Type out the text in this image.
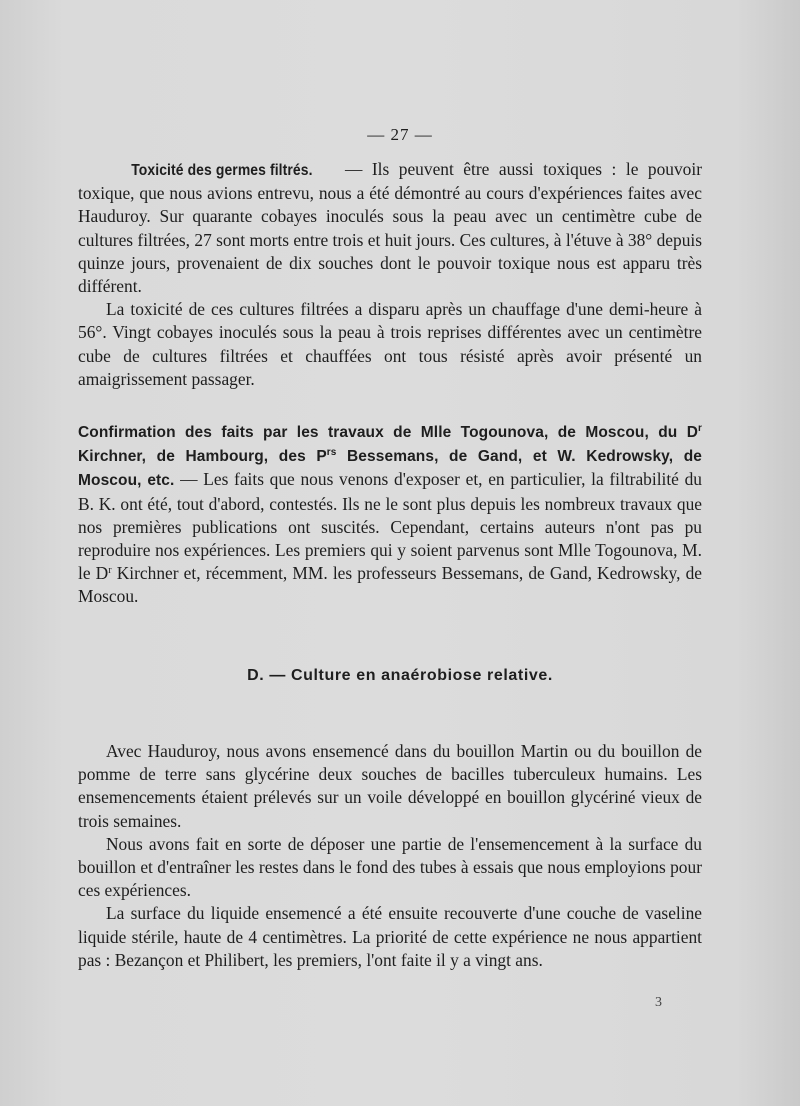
— 27 —

Toxicité des germes filtrés. — Ils peuvent être aussi toxiques : le pouvoir toxique, que nous avions entrevu, nous a été démontré au cours d'expériences faites avec Hauduroy. Sur quarante cobayes inoculés sous la peau avec un centimètre cube de cultures filtrées, 27 sont morts entre trois et huit jours. Ces cultures, à l'étuve à 38° depuis quinze jours, provenaient de dix souches dont le pouvoir toxique nous est apparu très différent.

La toxicité de ces cultures filtrées a disparu après un chauffage d'une demi-heure à 56°. Vingt cobayes inoculés sous la peau à trois reprises différentes avec un centimètre cube de cultures filtrées et chauffées ont tous résisté après avoir présenté un amaigrissement passager.

Confirmation des faits par les travaux de Mlle Togounova, de Moscou, du $D^r$ Kirchner, de Hambourg, des $P^{rs}$ Bessemans, de Gand, et W. Kedrowsky, de Moscou, etc. — Les faits que nous venons d'exposer et, en particulier, la filtrabilité du B. K. ont été, tout d'abord, contestés. Ils ne le sont plus depuis les nombreux travaux que nos premières publications ont suscités. Cependant, certains auteurs n'ont pas pu reproduire nos expériences. Les premiers qui y soient parvenus sont Mlle Togounova, M. le $D^r$ Kirchner et, récemment, MM. les professeurs Bessemans, de Gand, Kedrowsky, de Moscou.

D. — Culture en anaérobiose relative.

Avec Hauduroy, nous avons ensemencé dans du bouillon Martin ou du bouillon de pomme de terre sans glycérine deux souches de bacilles tuberculeux humains. Les ensemencements étaient prélevés sur un voile développé en bouillon glycériné vieux de trois semaines.

Nous avons fait en sorte de déposer une partie de l'ensemencement à la surface du bouillon et d'entraîner les restes dans le fond des tubes à essais que nous employions pour ces expériences.

La surface du liquide ensemencé a été ensuite recouverte d'une couche de vaseline liquide stérile, haute de 4 centimètres. La priorité de cette expérience ne nous appartient pas : Bezançon et Philibert, les premiers, l'ont faite il y a vingt ans.

3
